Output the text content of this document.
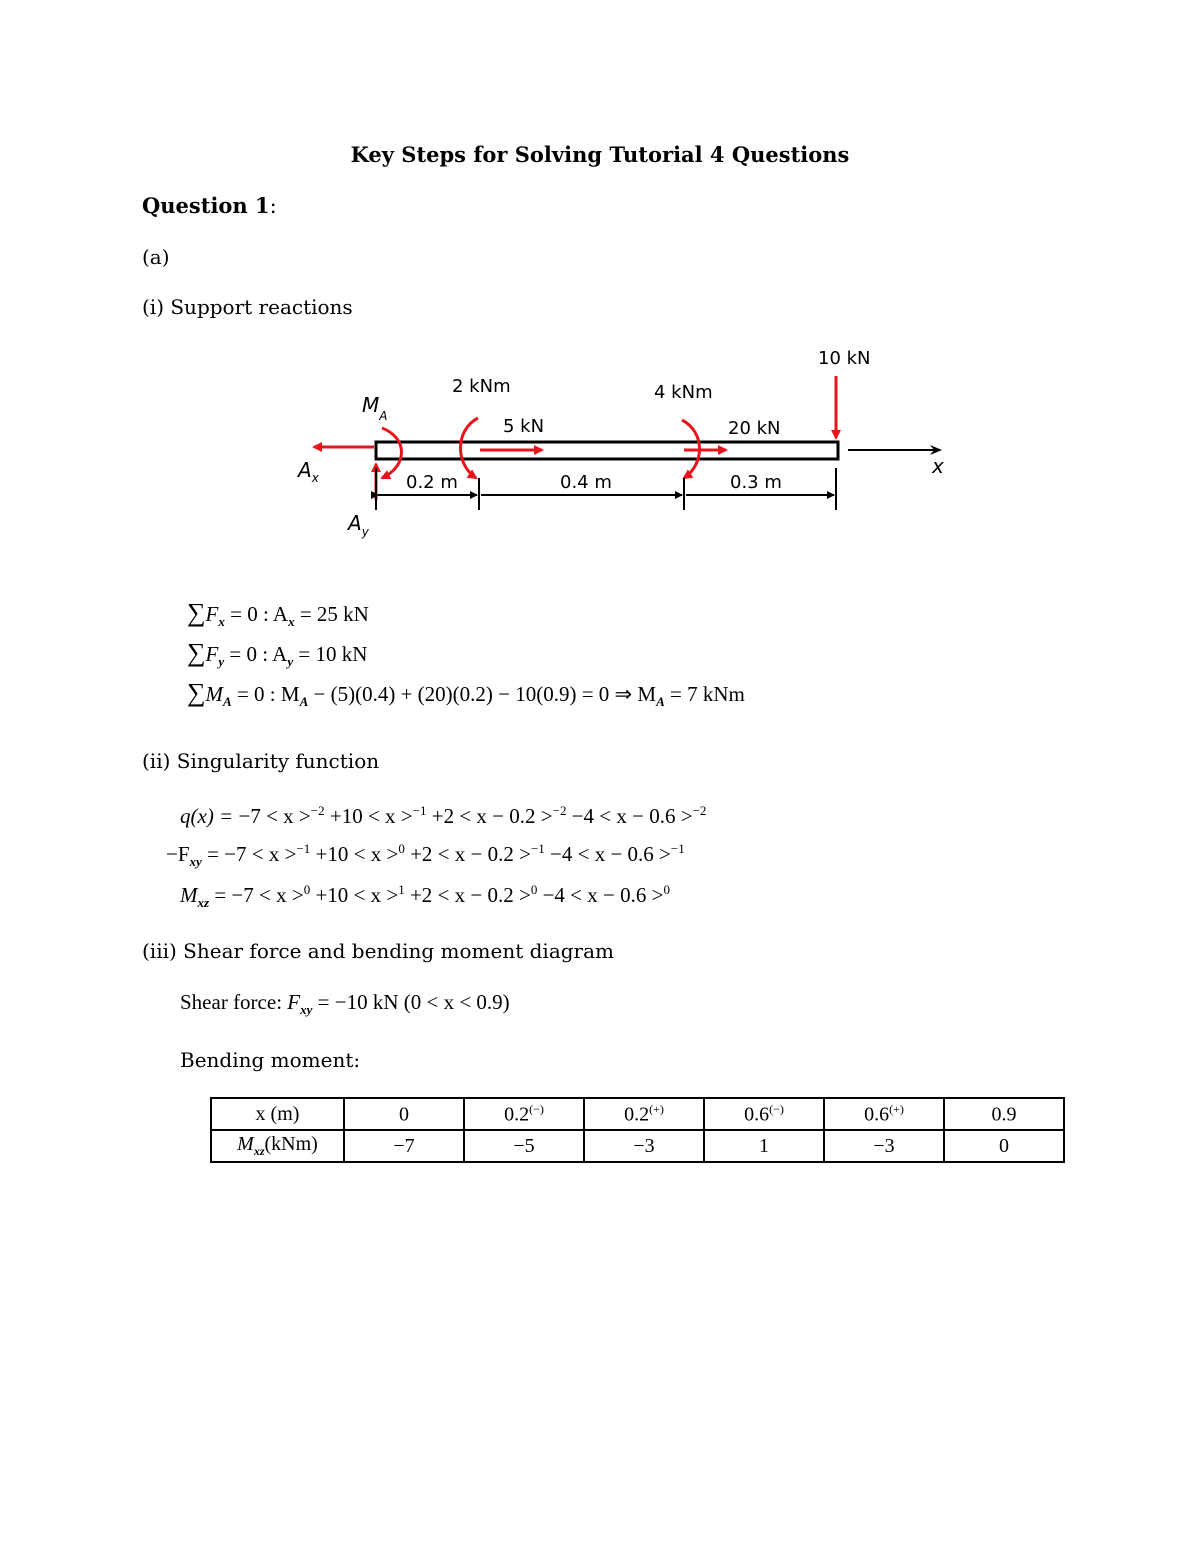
Key Steps for Solving Tutorial 4 Questions
Question 1:
(a)
(i) Support reactions
x
$A_x$
$A_y$
$M_A$
2 kNm
5 kN
4 kNm
20 kN
10 kN
0.2 m	0.4 m	0.3 m
$\sum F_x = 0$ : $A_x = 25$ kN
$\sum F_y = 0$ : $A_y = 10$ kN
$\sum M_A = 0$ : $M_A - (5)(0.4) + (20)(0.2) - 10(0.9) = 0$ ⇒ $M_A = 7$ kNm
(ii) Singularity function
q(x) = −7 < x >$^{-2}$ +10 < x >$^{-1}$ +2 < x − 0.2 >$^{-2}$ −4 < x − 0.6 >$^{-2}$
$-F_{xy} = -7 < x >^{-1} +10 < x >^0 +2 < x - 0.2 >^{-1} -4 < x - 0.6 >^{-1}$
$M_{xz} = -7 < x >^0 +10 < x >^1 +2 < x - 0.2 >^0 -4 < x - 0.6 >^0$
(iii) Shear force and bending moment diagram
Shear force: $F_{xy} = -10$ kN (0 < x < 0.9)
Bending moment:
x (m)	0	0.2(−)	0.2(+)	0.6(−)	0.6(+)	0.9
$M_{xz}(kNm)$	−7	−5	−3	1	−3	0
